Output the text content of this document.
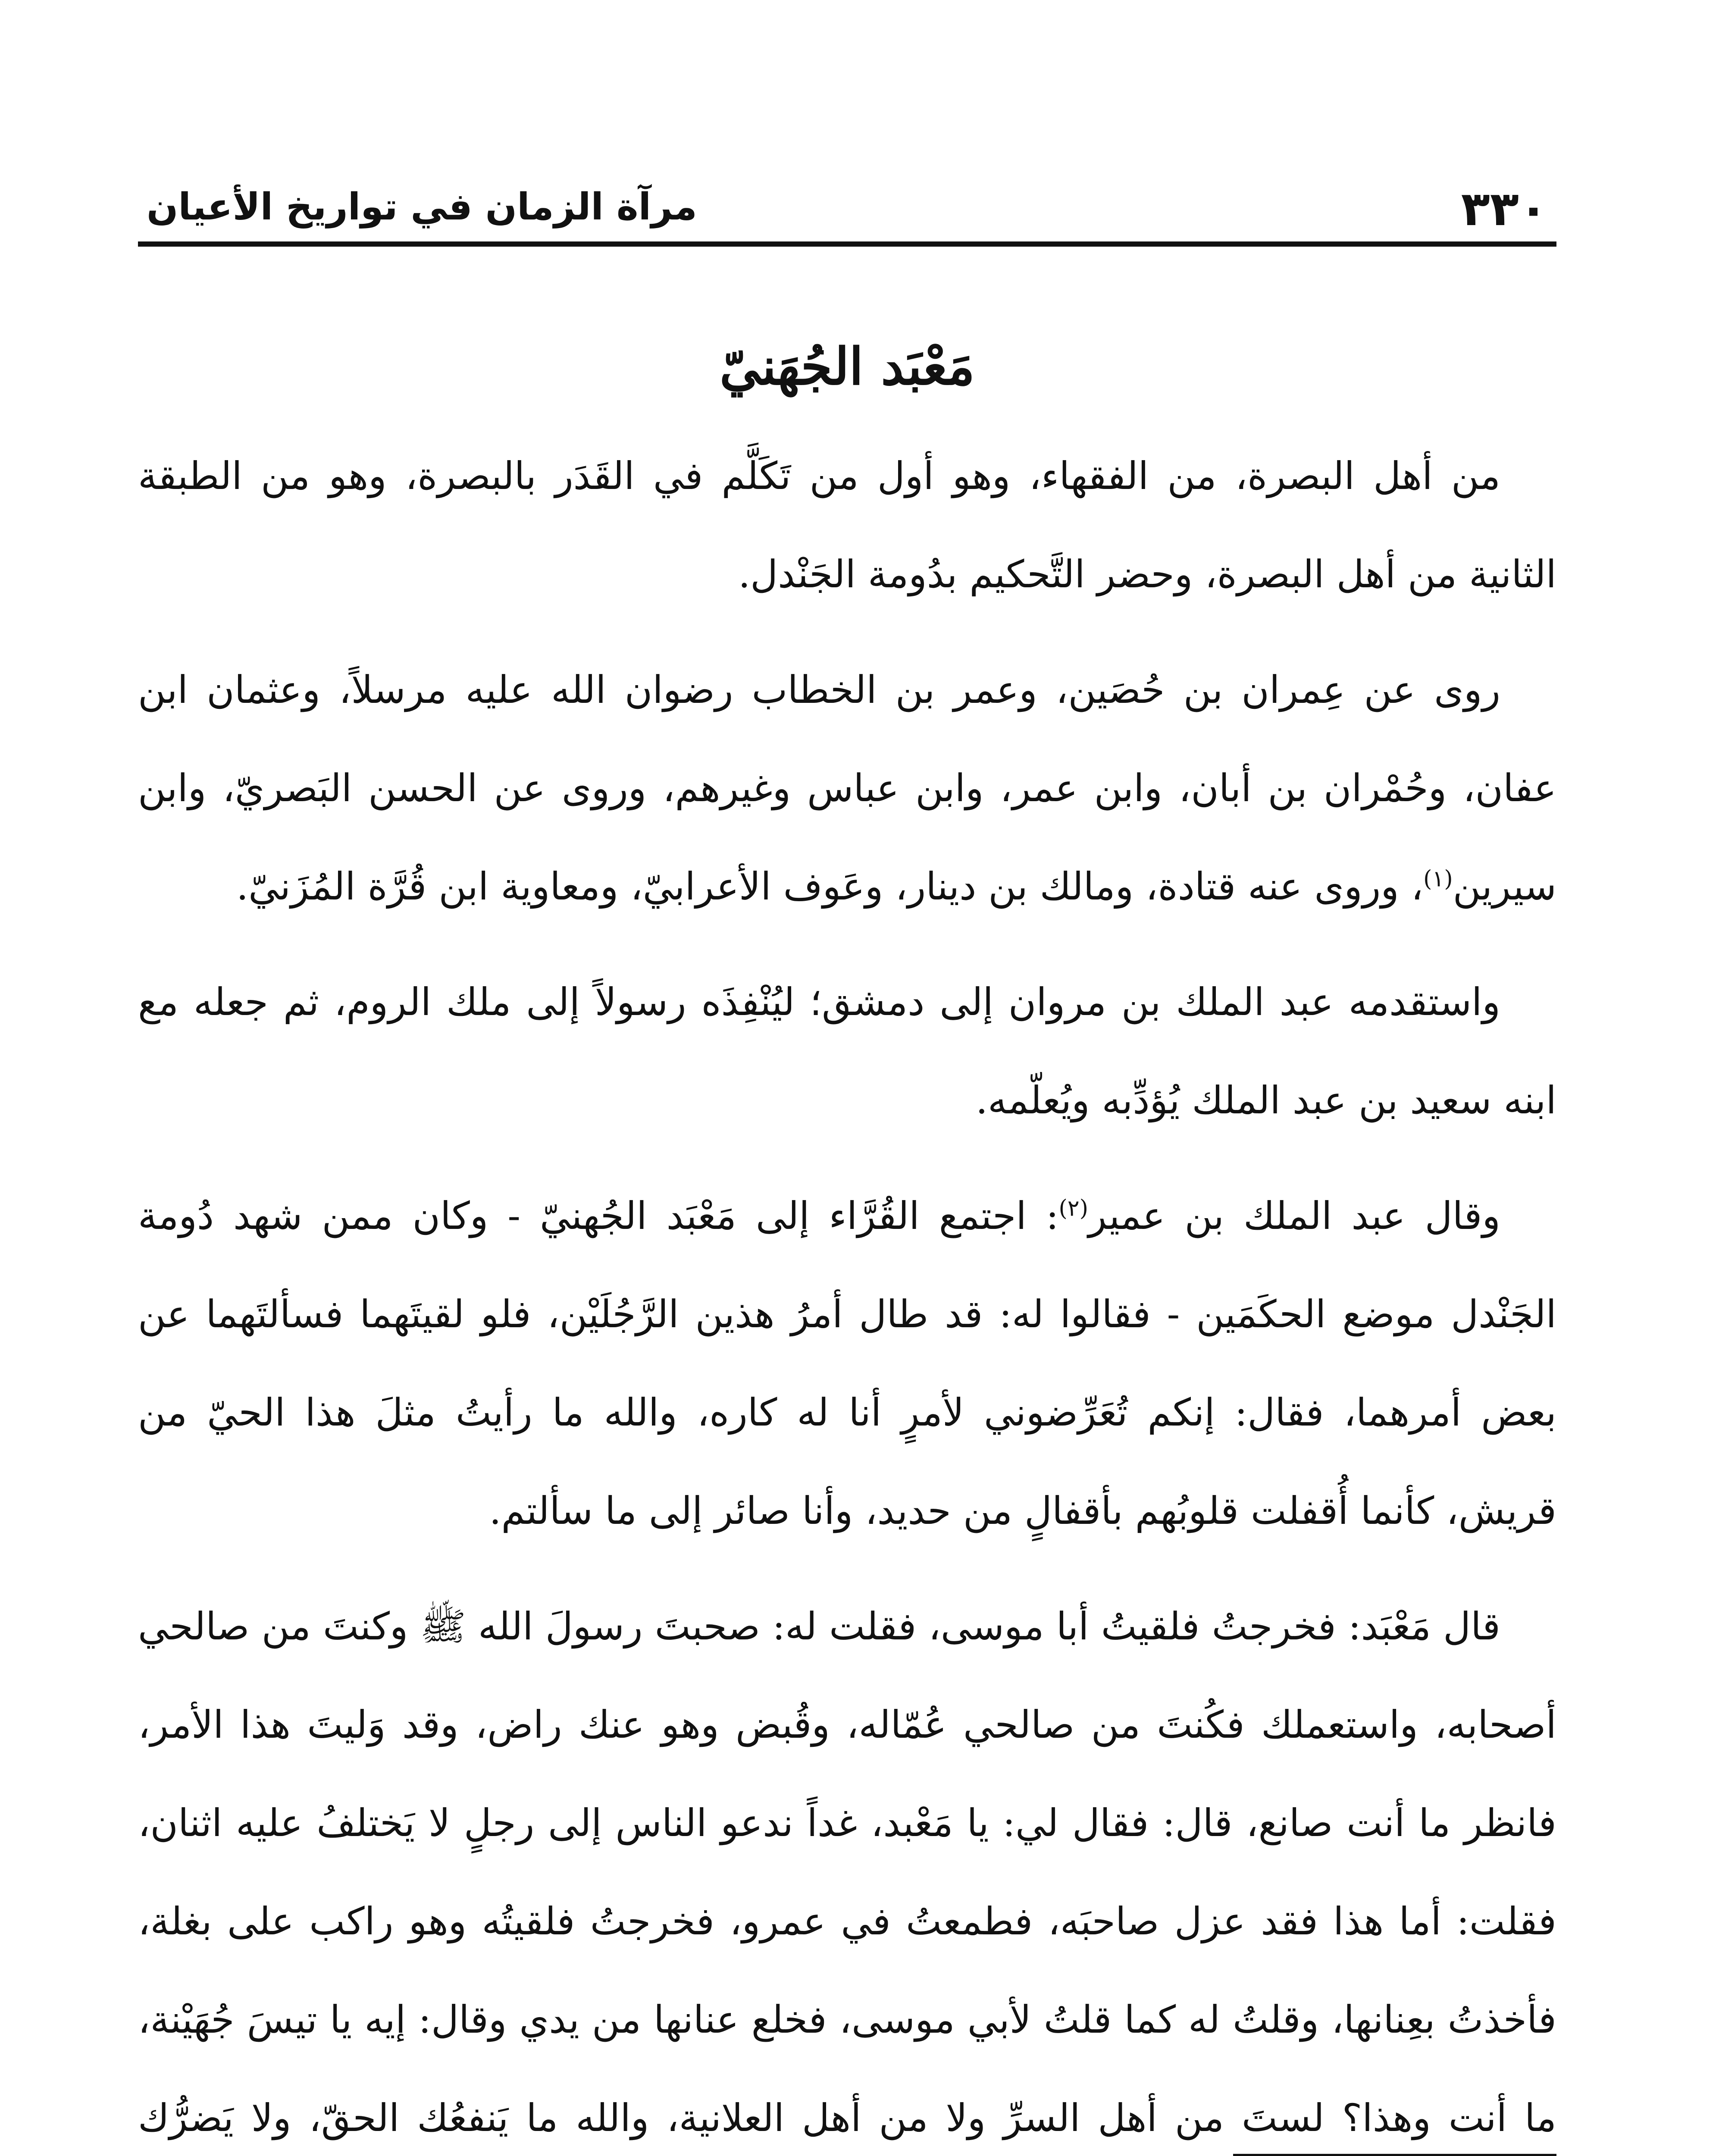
٣٣٠
مرآة الزمان في تواريخ الأعيان
مَعْبَد الجُهَنيّ

من أهل البصرة، من الفقهاء، وهو أول من تَكَلَّم في القَدَر بالبصرة، وهو من الطبقة الثانية من أهل البصرة، وحضر التَّحكيم بدُومة الجَنْدل.

روى عن عِمران بن حُصَين، وعمر بن الخطاب رضوان الله عليه مرسلاً، وعثمان ابن عفان، وحُمْران بن أبان، وابن عمر، وابن عباس وغيرهم، وروى عن الحسن البَصريّ، وابن سيرين$^{(١)}$، وروى عنه قتادة، ومالك بن دينار، وعَوف الأعرابيّ، ومعاوية ابن قُرَّة المُزَنيّ.

واستقدمه عبد الملك بن مروان إلى دمشق؛ ليُنْفِذَه رسولاً إلى ملك الروم، ثم جعله مع ابنه سعيد بن عبد الملك يُؤدِّبه ويُعلّمه.

وقال عبد الملك بن عمير$^{(٢)}$: اجتمع القُرَّاء إلى مَعْبَد الجُهنيّ - وكان ممن شهد دُومة الجَنْدل موضع الحكَمَين - فقالوا له: قد طال أمرُ هذين الرَّجُلَيْن، فلو لقيتَهما فسألتَهما عن بعض أمرهما، فقال: إنكم تُعَرِّضوني لأمرٍ أنا له كاره، والله ما رأيتُ مثلَ هذا الحيّ من قريش، كأنما أُقفلت قلوبُهم بأقفالٍ من حديد، وأنا صائر إلى ما سألتم.

قال مَعْبَد: فخرجتُ فلقيتُ أبا موسى، فقلت له: صحبتَ رسولَ الله ﷺ وكنتَ من صالحي أصحابه، واستعملك فكُنتَ من صالحي عُمّاله، وقُبض وهو عنك راض، وقد وَليتَ هذا الأمر، فانظر ما أنت صانع، قال: فقال لي: يا مَعْبد، غداً ندعو الناس إلى رجلٍ لا يَختلفُ عليه اثنان، فقلت: أما هذا فقد عزل صاحبَه، فطمعتُ في عمرو، فخرجتُ فلقيتُه وهو راكب على بغلة، فأخذتُ بعِنانها، وقلتُ له كما قلتُ لأبي موسى، فخلع عنانها من يدي وقال: إيه يا تيسَ جُهَيْنة، ما أنت وهذا؟ لستَ من أهل السرِّ ولا من أهل العلانية، والله ما يَنفعُك الحقّ، ولا يَضرُّك
